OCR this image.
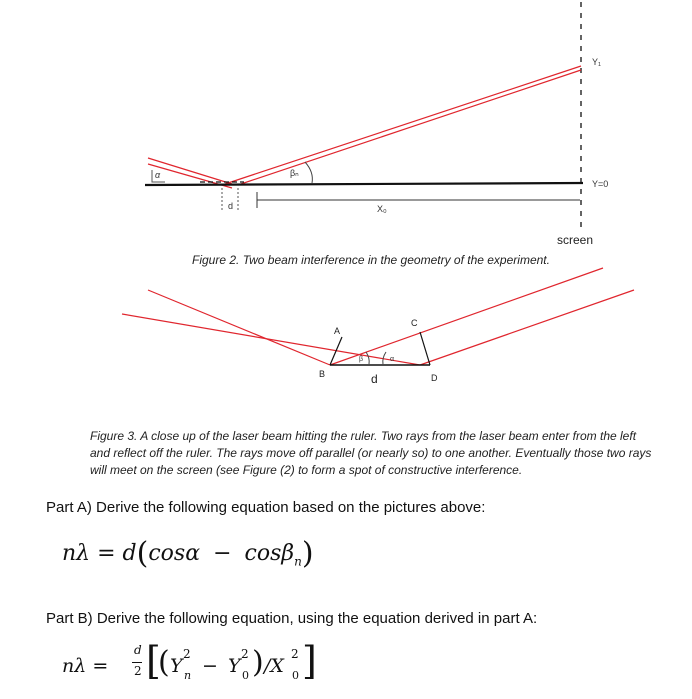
α	βₙ
d	X₀
Y₁
Y=0
screen
Figure 2. Two beam interference in the geometry of the experiment.
A
B
C
D
β	α
d
Figure 3. A close up of the laser beam hitting the ruler. Two rays from the laser beam enter from the left and reflect off the ruler. The rays move off parallel (or nearly so) to one another. Eventually those two rays will meet on the screen (see Figure (2) to form a spot of constructive interference.
Part A) Derive the following equation based on the pictures above:
nλ = d(cosα − cosβ$_n$)
Part B) Derive the following equation, using the equation derived in part A:
nλ =
d
2 [
( Y
2
n − Y
2
0 ) /X
2
0 ]
